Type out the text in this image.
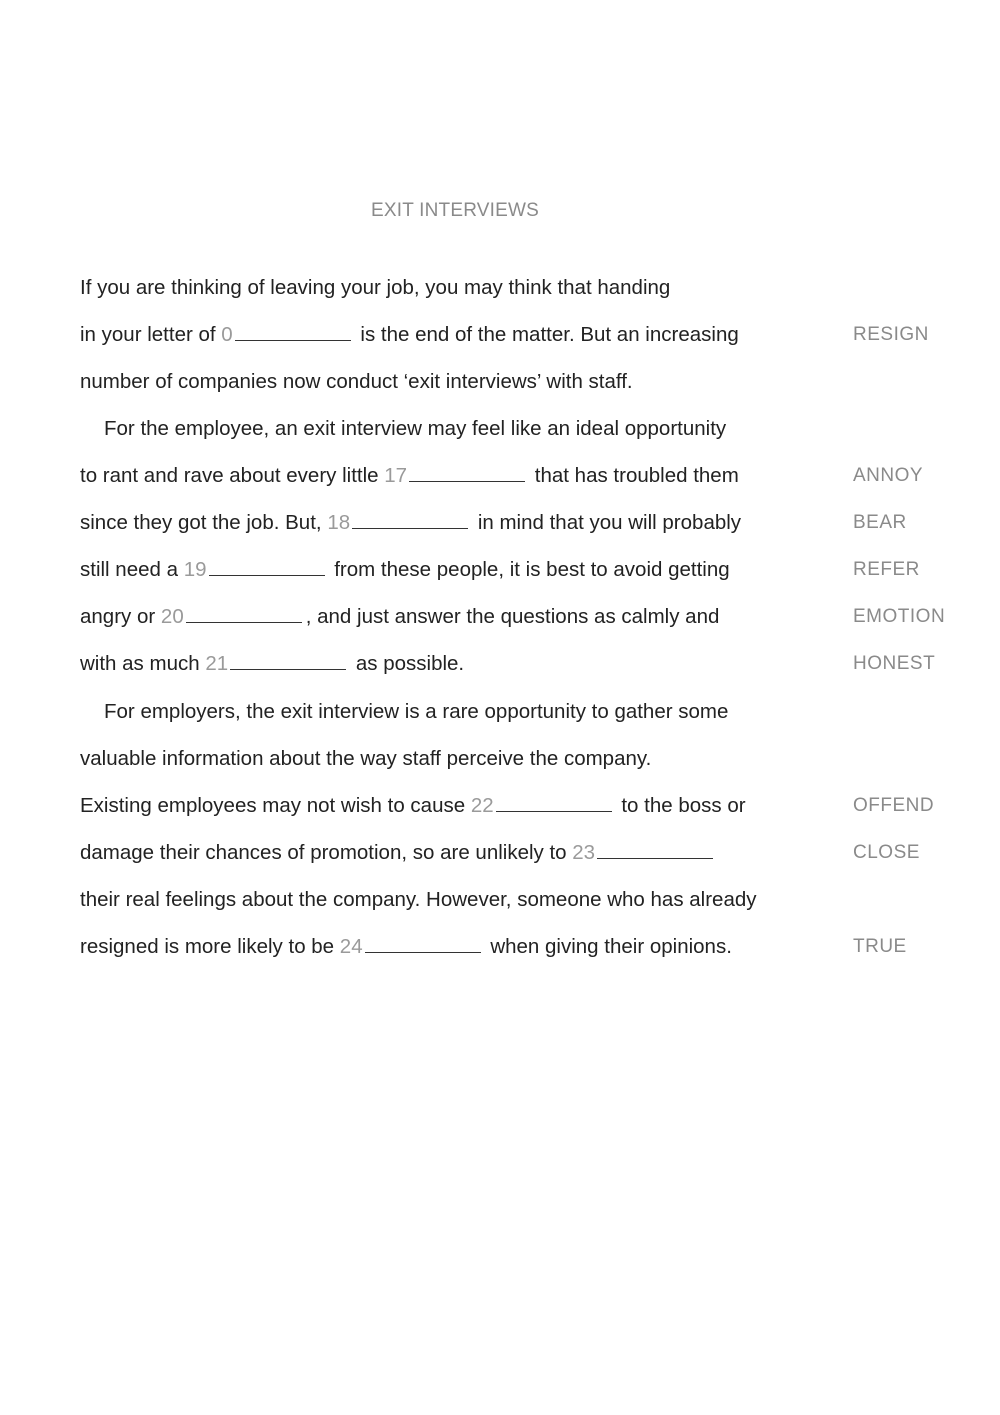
EXIT INTERVIEWS
If you are thinking of leaving your job, you may think that handing
in your letter of 0	is the end of the matter. But an increasing	RESIGN
number of companies now conduct ‘exit interviews’ with staff.
For the employee, an exit interview may feel like an ideal opportunity
to rant and rave about every little 17	that has troubled them	ANNOY
since they got the job. But, 18	in mind that you will probably	BEAR
still need a 19	from these people, it is best to avoid getting	REFER
angry or 20	, and just answer the questions as calmly and	EMOTION
with as much 21	as possible.	HONEST
For employers, the exit interview is a rare opportunity to gather some
valuable information about the way staff perceive the company.
Existing employees may not wish to cause 22	to the boss or	OFFEND
damage their chances of promotion, so are unlikely to 23	CLOSE
their real feelings about the company. However, someone who has already
resigned is more likely to be 24	when giving their opinions.	TRUE
